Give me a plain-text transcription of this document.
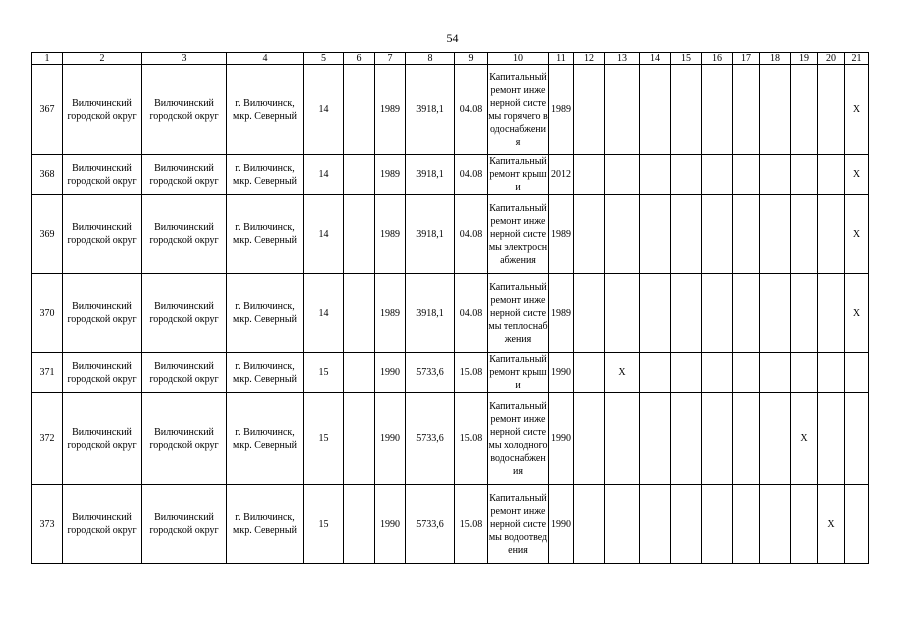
54
1	2	3	4	5	6	7	8	9	10	11	12	13	14	15	16	17	18	19	20	21
367	Вилючинский городской округ	Вилючинский городской округ	г. Вилючинск, мкр. Северный	14		1989	3918,1	04.08	Капитальный ремонт инженерной системы горячего водоснабжения	1989										X
368	Вилючинский городской округ	Вилючинский городской округ	г. Вилючинск, мкр. Северный	14		1989	3918,1	04.08	Капитальный ремонт крыши	2012										X
369	Вилючинский городской округ	Вилючинский городской округ	г. Вилючинск, мкр. Северный	14		1989	3918,1	04.08	Капитальный ремонт инженерной системы электроснабжения	1989										X
370	Вилючинский городской округ	Вилючинский городской округ	г. Вилючинск, мкр. Северный	14		1989	3918,1	04.08	Капитальный ремонт инженерной системы теплоснабжения	1989										X
371	Вилючинский городской округ	Вилючинский городской округ	г. Вилючинск, мкр. Северный	15		1990	5733,6	15.08	Капитальный ремонт крыши	1990		X								
372	Вилючинский городской округ	Вилючинский городской округ	г. Вилючинск, мкр. Северный	15		1990	5733,6	15.08	Капитальный ремонт инженерной системы холодного водоснабжения	1990								X		
373	Вилючинский городской округ	Вилючинский городской округ	г. Вилючинск, мкр. Северный	15		1990	5733,6	15.08	Капитальный ремонт инженерной системы водоотведения	1990									X	
